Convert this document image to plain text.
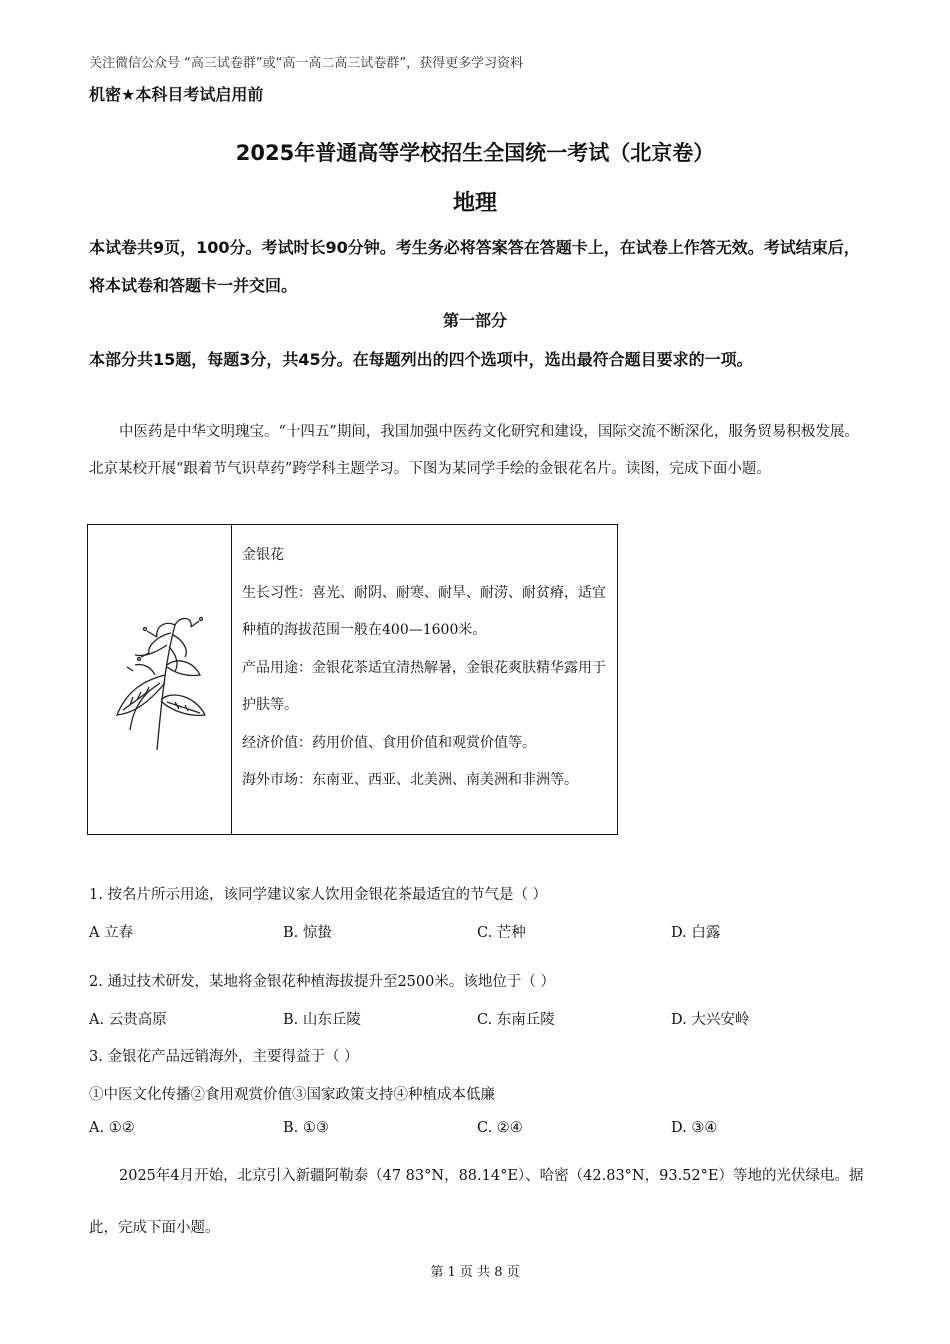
关注微信公众号 “高三试卷群”或“高一高二高三试卷群”，获得更多学习资料
机密★本科目考试启用前
2025年普通高等学校招生全国统一考试（北京卷）
地理
本试卷共9页，100分。考试时长90分钟。考生务必将答案答在答题卡上，在试卷上作答无效。考试结束后，将本试卷和答题卡一并交回。
第一部分
本部分共15题，每题3分，共45分。在每题列出的四个选项中，选出最符合题目要求的一项。
中医药是中华文明瑰宝。“十四五”期间，我国加强中医药文化研究和建设，国际交流不断深化，服务贸易积极发展。北京某校开展“跟着节气识草药”跨学科主题学习。下图为某同学手绘的金银花名片。读图，完成下面小题。
金银花
生长习性：喜光、耐阴、耐寒、耐旱、耐涝、耐贫瘠，适宜种植的海拔范围一般在400—1600米。
产品用途：金银花茶适宜清热解暑，金银花爽肤精华露用于护肤等。
经济价值：药用价值、食用价值和观赏价值等。
海外市场：东南亚、西亚、北美洲、南美洲和非洲等。
1. 按名片所示用途，该同学建议家人饮用金银花茶最适宜的节气是（ ）
A 立春	B. 惊蛰	C. 芒种	D. 白露
2. 通过技术研发，某地将金银花种植海拔提升至2500米。该地位于（ ）
A. 云贵高原	B. 山东丘陵	C. 东南丘陵	D. 大兴安岭
3. 金银花产品远销海外，主要得益于（ ）
①中医文化传播②食用观赏价值③国家政策支持④种植成本低廉
A. ①②	B. ①③	C. ②④	D. ③④
2025年4月开始，北京引入新疆阿勒泰（47 83°N，88.14°E）、哈密（42.83°N，93.52°E）等地的光伏绿电。据此，完成下面小题。
第 1 页 共 8 页
